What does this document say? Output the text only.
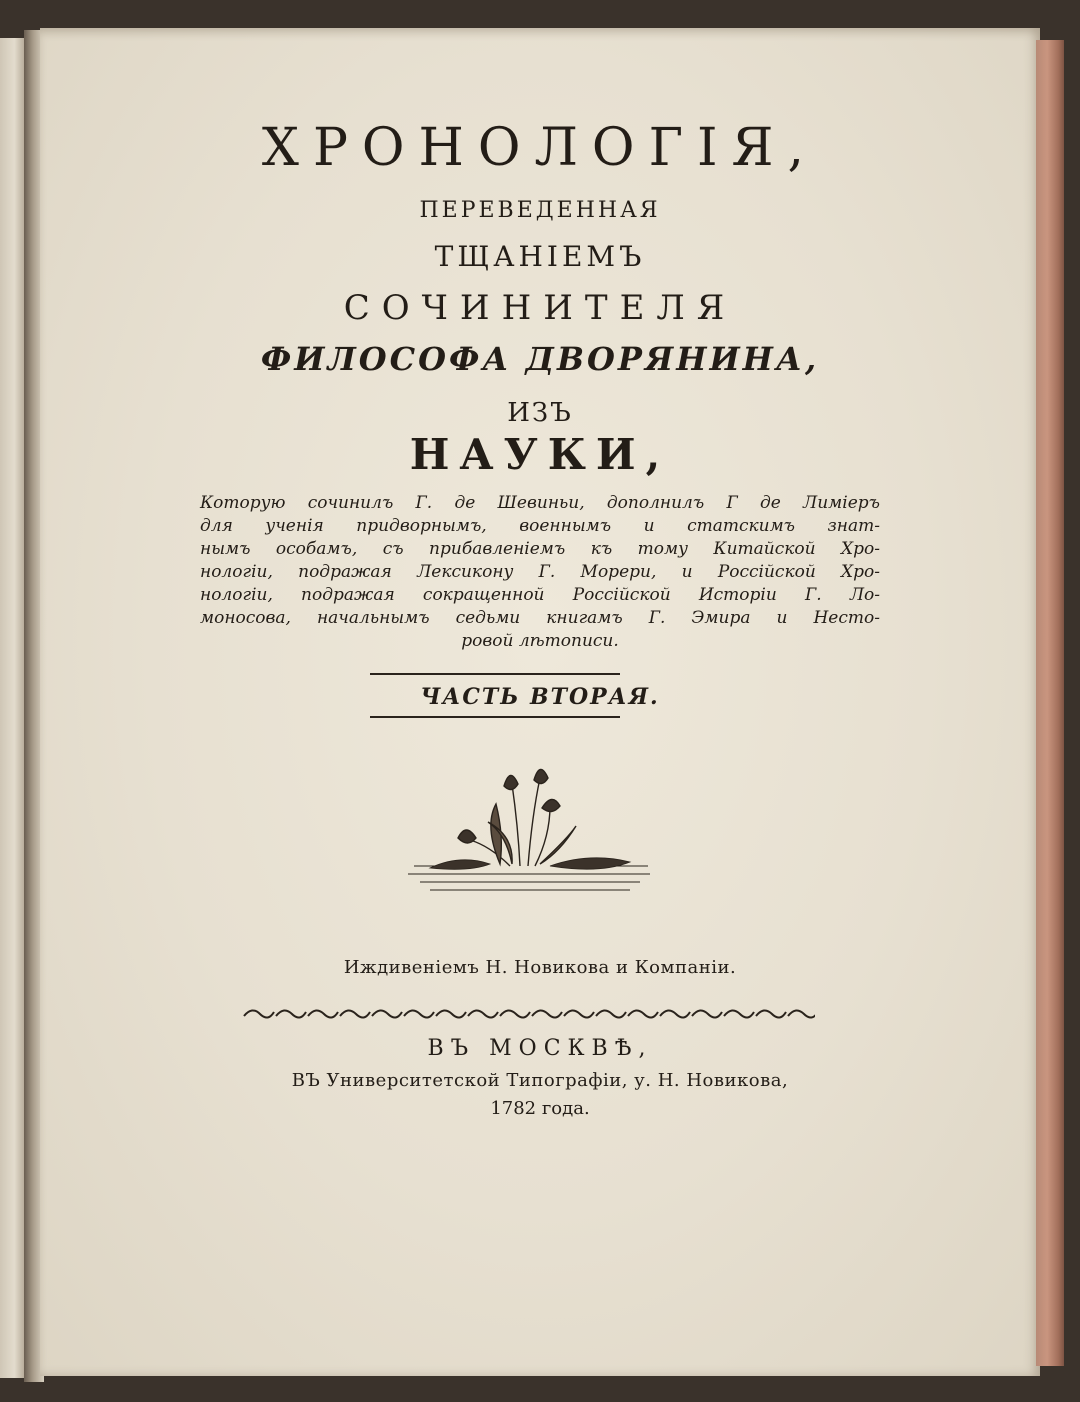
ХРОНОЛОГIЯ,
ПЕРЕВЕДЕННАЯ
ТЩАНIЕМЪ
СОЧИНИТЕЛЯ
ФИЛОСОФА ДВОРЯНИНА,
ИЗЪ
НАУКИ,
Которую сочинилъ Г. де Шевиньи, дополнилъ Г де Лимiеръ
для ученiя придворнымъ, военнымъ и статскимъ знат-
нымъ особамъ, съ прибавленiемъ къ тому Китайской Хро-
нологiи, подражая Лексикону Г. Морери, и Россiйской Хро-
нологiи, подражая сокращенной Россiйской Исторiи Г. Ло-
моносова, начальнымъ седьми книгамъ Г. Эмира и Несто-
ровой лѣтописи.
ЧАСТЬ ВТОРАЯ.
Иждивенiемъ Н. Новикова и Компанiи.
ВЪ МОСКВѢ,
ВЪ Университетской Типографiи, у. Н. Новикова,
1782 года.
